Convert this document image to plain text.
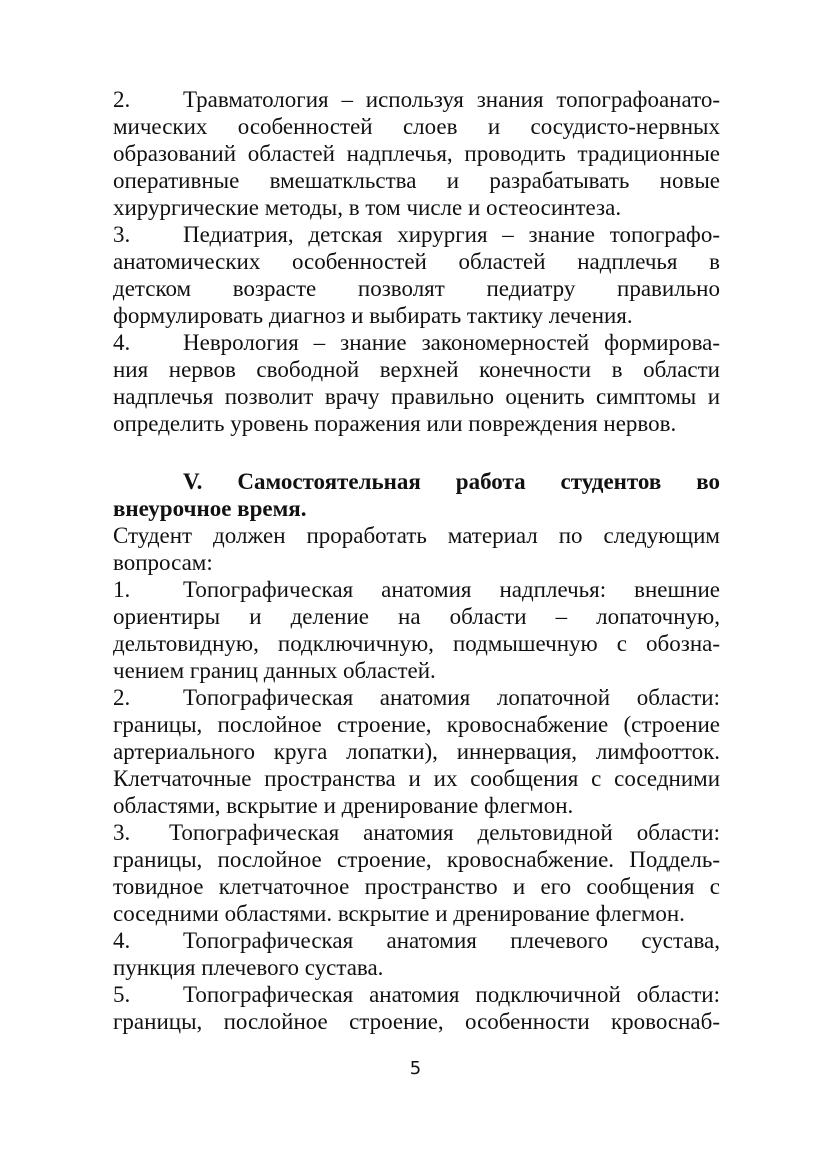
2. Травматология – используя знания топографоанато-
мических особенностей слоев и сосудисто-нервных
образований областей надплечья, проводить традиционные
оперативные вмешаткльства и разрабатывать новые
хирургические методы, в том числе и остеосинтеза.
3. Педиатрия, детская хирургия – знание топографо-
анатомических особенностей областей надплечья в
детском возрасте позволят педиатру правильно
формулировать диагноз и выбирать тактику лечения.
4. Неврология – знание закономерностей формирова-
ния нервов свободной верхней конечности в области
надплечья позволит врачу правильно оценить симптомы и
определить уровень поражения или повреждения нервов.
V. Самостоятельная работа студентов во
внеурочное время.
Студент должен проработать материал по следующим
вопросам:
1. Топографическая анатомия надплечья: внешние
ориентиры и деление на области – лопаточную,
дельтовидную, подключичную, подмышечную с обозна-
чением границ данных областей.
2. Топографическая анатомия лопаточной области:
границы, послойное строение, кровоснабжение (строение
артериального круга лопатки), иннервация, лимфоотток.
Клетчаточные пространства и их сообщения с соседними
областями, вскрытие и дренирование флегмон.
3. Топографическая анатомия дельтовидной области:
границы, послойное строение, кровоснабжение. Поддель-
товидное клетчаточное пространство и его сообщения с
соседними областями. вскрытие и дренирование флегмон.
4. Топографическая анатомия плечевого сустава,
пункция плечевого сустава.
5. Топографическая анатомия подключичной области:
границы, послойное строение, особенности кровоснаб-
5
